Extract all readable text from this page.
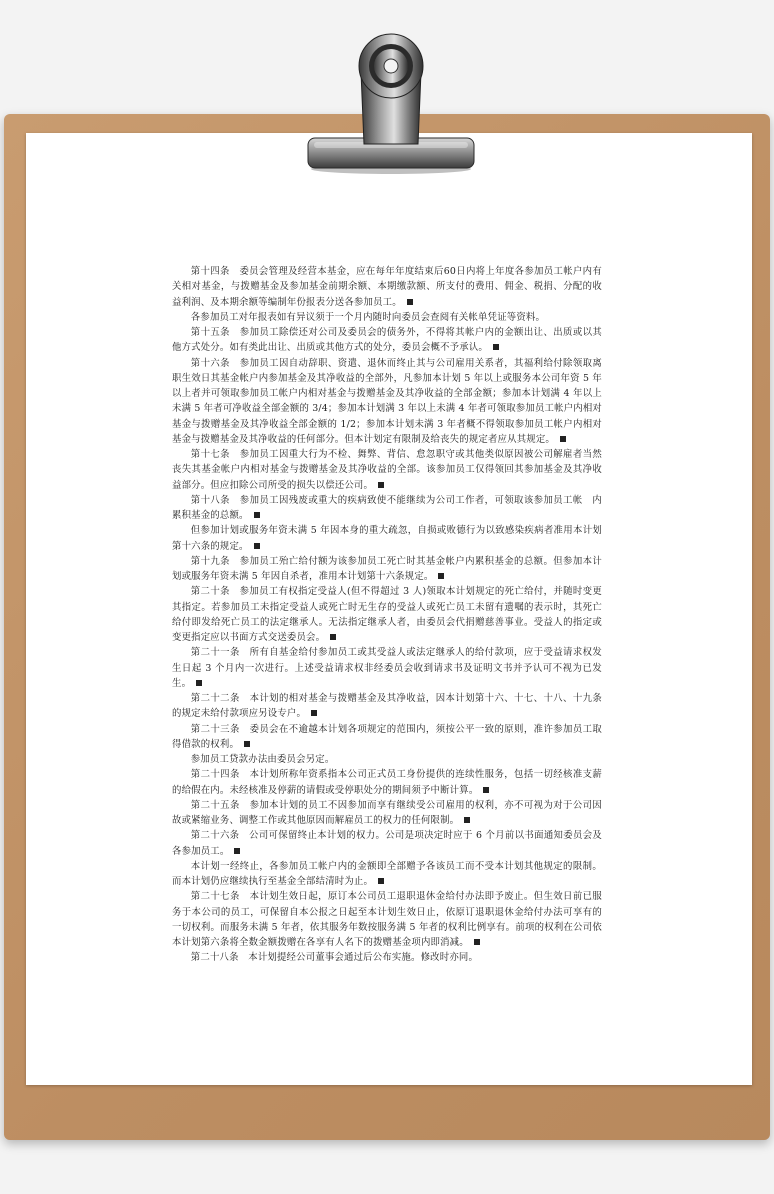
第十四条　委员会管理及经营本基金，应在每年年度结束后60日内将上年度各参加员工帐户内有关相对基金，与拨赠基金及参加基金前期余额、本期缴款额、所支付的费用、佣金、税捐、分配的收益利润、及本期余额等编制年份报表分送各参加员工。

各参加员工对年报表如有异议须于一个月内随时向委员会查阅有关帐单凭证等资料。

第十五条　参加员工除偿还对公司及委员会的债务外，不得将其帐户内的金额出让、出质或以其他方式处分。如有类此出让、出质或其他方式的处分，委员会概不予承认。

第十六条　参加员工因自动辞职、资遣、退休而终止其与公司雇用关系者，其福利给付除领取离职生效日其基金帐户内参加基金及其净收益的全部外，凡参加本计划 5 年以上或服务本公司年资 5 年以上者并可领取参加员工帐户内相对基金与拨赠基金及其净收益的全部金额；参加本计划满 4 年以上未满 5 年者可净收益全部金额的 3/4；参加本计划满 3 年以上未满 4 年者可领取参加员工帐户内相对基金与拨赠基金及其净收益全部金额的 1/2；参加本计划未满 3 年者概不得领取参加员工帐户内相对基金与拨赠基金及其净收益的任何部分。但本计划定有限制及给丧失的规定者应从其规定。

第十七条　参加员工因重大行为不检、舞弊、背信、怠忽职守或其他类似原因被公司解雇者当然丧失其基金帐户内相对基金与拨赠基金及其净收益的全部。该参加员工仅得领回其参加基金及其净收益部分。但应扣除公司所受的损失以偿还公司。

第十八条　参加员工因残废或重大的疾病致使不能继续为公司工作者，可领取该参加员工帐　内累积基金的总额。

但参加计划或服务年资未满 5 年因本身的重大疏忽，自损或败德行为以致感染疾病者准用本计划第十六条的规定。

第十九条　参加员工殆亡给付额为该参加员工死亡时其基金帐户内累积基金的总额。但参加本计划或服务年资未满 5 年因自杀者，准用本计划第十六条规定。

第二十条　参加员工有权指定受益人(但不得超过 3 人)领取本计划规定的死亡给付，并随时变更其指定。若参加员工未指定受益人或死亡时无生存的受益人或死亡员工未留有遗嘱的表示时，其死亡给付即发给死亡员工的法定继承人。无法指定继承人者，由委员会代捐赠慈善事业。受益人的指定或变更指定应以书面方式交送委员会。

第二十一条　所有自基金给付参加员工或其受益人或法定继承人的给付款项，应于受益请求权发生日起 3 个月内一次进行。上述受益请求权非经委员会收到请求书及证明文书并予认可不视为已发生。

第二十二条　本计划的相对基金与拨赠基金及其净收益，因本计划第十六、十七、十八、十九条的规定未给付款项应另设专户。

第二十三条　委员会在不逾越本计划各项规定的范围内，须按公平一致的原则，准许参加员工取得借款的权利。

参加员工贷款办法由委员会另定。

第二十四条　本计划所称年资系指本公司正式员工身份提供的连续性服务，包括一切经核准支薪的给假在内。未经核准及停薪的请假或受停职处分的期间须予中断计算。

第二十五条　参加本计划的员工不因参加而享有继续受公司雇用的权利，亦不可视为对于公司因故或紧缩业务、调整工作或其他原因而解雇员工的权力的任何限制。

第二十六条　公司可保留终止本计划的权力。公司是项决定时应于 6 个月前以书面通知委员会及各参加员工。

本计划一经终止，各参加员工帐户内的金额即全部赠予各该员工而不受本计划其他规定的限制。而本计划仍应继续执行至基金全部结清时为止。

第二十七条　本计划生效日起，原订本公司员工退职退休金给付办法即予废止。但生效日前已服务于本公司的员工，可保留自本公报之日起至本计划生效日止，依原订退职退休金给付办法可享有的一切权利。而服务未满 5 年者，依其服务年数按服务满 5 年者的权利比例享有。前项的权利在公司依本计划第六条将全数金额拨赠在各享有人名下的拨赠基金项内即消减。

第二十八条　本计划提经公司董事会通过后公布实施。修改时亦同。
